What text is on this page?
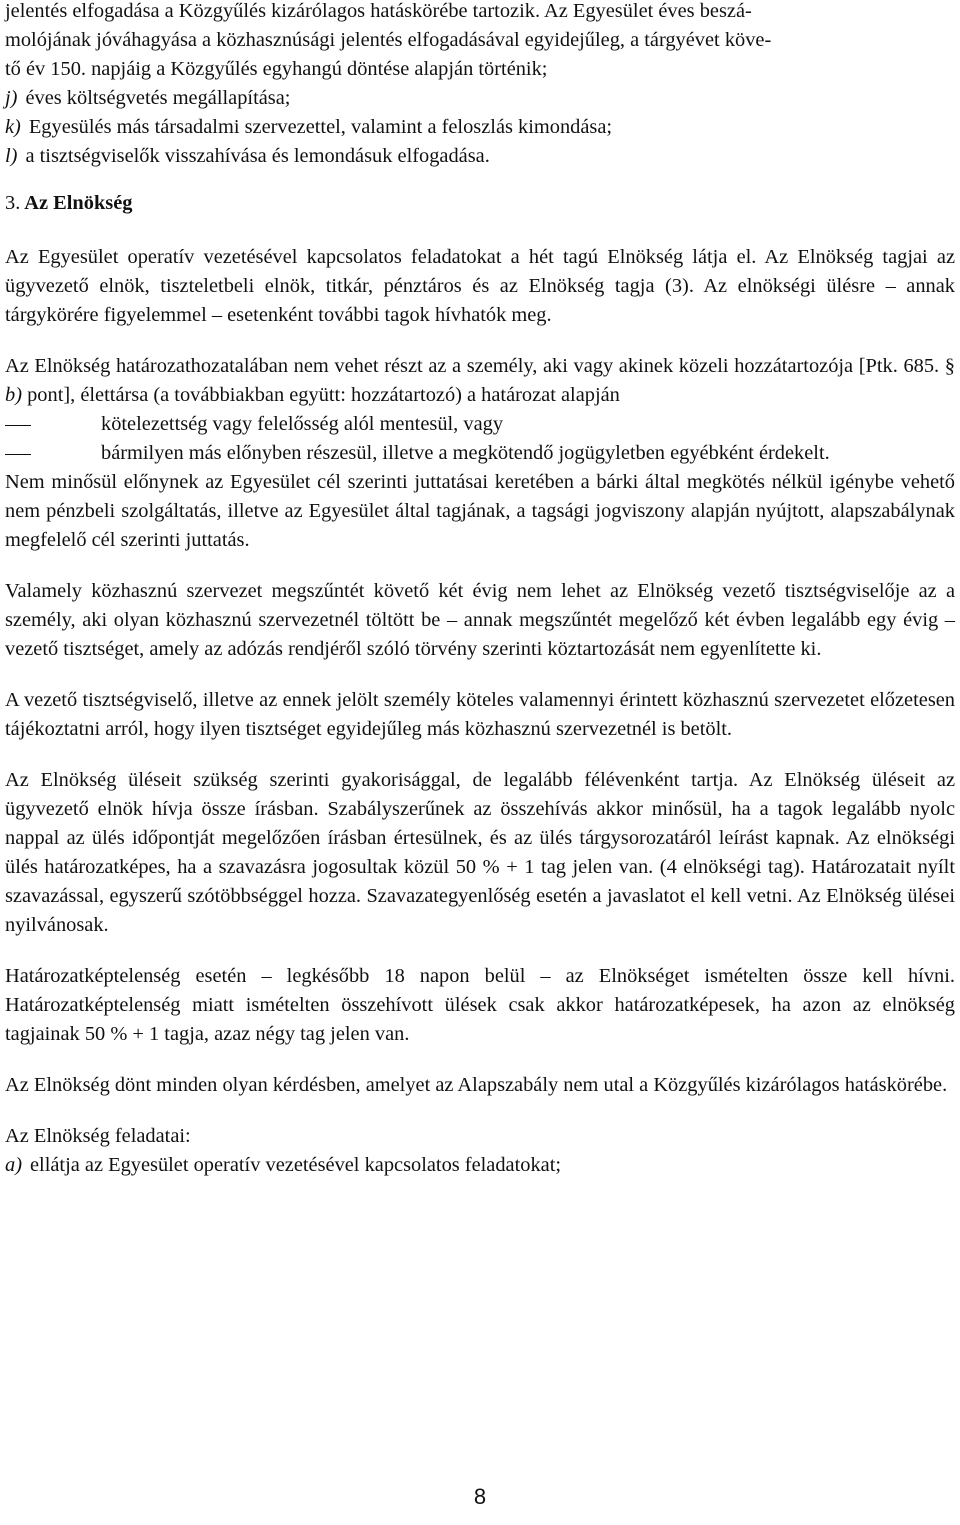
jelentés elfogadása a Közgyűlés kizárólagos hatáskörébe tartozik. Az Egyesület éves beszá-

molójának jóváhagyása a közhasznúsági jelentés elfogadásával egyidejűleg, a tárgyévet köve-

tő év 150. napjáig a Közgyűlés egyhangú döntése alapján történik;

j) éves költségvetés megállapítása;
k) Egyesülés más társadalmi szervezettel, valamint a feloszlás kimondása;
l) a tisztségviselők visszahívása és lemondásuk elfogadása.
3. Az Elnökség

Az Egyesület operatív vezetésével kapcsolatos feladatokat a hét tagú Elnökség látja el. Az Elnökség tagjai az ügyvezető elnök, tiszteletbeli elnök, titkár, pénztáros és az Elnökség tagja (3). Az elnökségi ülésre – annak tárgykörére figyelemmel – esetenként további tagok hívhatók meg.

Az Elnökség határozathozatalában nem vehet részt az a személy, aki vagy akinek közeli hozzátartozója [Ptk. 685. § b) pont], élettársa (a továbbiakban együtt: hozzátartozó) a határozat alapján

kötelezettség vagy felelősség alól mentesül, vagy
bármilyen más előnyben részesül, illetve a megkötendő jogügyletben egyébként érdekelt.

Nem minősül előnynek az Egyesület cél szerinti juttatásai keretében a bárki által megkötés nélkül igénybe vehető nem pénzbeli szolgáltatás, illetve az Egyesület által tagjának, a tagsági jogviszony alapján nyújtott, alapszabálynak megfelelő cél szerinti juttatás.

Valamely közhasznú szervezet megszűntét követő két évig nem lehet az Elnökség vezető tisztségviselője az a személy, aki olyan közhasznú szervezetnél töltött be – annak megszűntét megelőző két évben legalább egy évig – vezető tisztséget, amely az adózás rendjéről szóló törvény szerinti köztartozását nem egyenlítette ki.

A vezető tisztségviselő, illetve az ennek jelölt személy köteles valamennyi érintett közhasznú szervezetet előzetesen tájékoztatni arról, hogy ilyen tisztséget egyidejűleg más közhasznú szervezetnél is betölt.

Az Elnökség üléseit szükség szerinti gyakorisággal, de legalább félévenként tartja. Az Elnökség üléseit az ügyvezető elnök hívja össze írásban. Szabályszerűnek az összehívás akkor minősül, ha a tagok legalább nyolc nappal az ülés időpontját megelőzően írásban értesülnek, és az ülés tárgysorozatáról leírást kapnak. Az elnökségi ülés határozatképes, ha a szavazásra jogosultak közül 50 % + 1 tag jelen van. (4 elnökségi tag). Határozatait nyílt szavazással, egyszerű szótöbbséggel hozza. Szavazategyenlőség esetén a javaslatot el kell vetni. Az Elnökség ülései nyilvánosak.

Határozatképtelenség esetén – legkésőbb 18 napon belül – az Elnökséget ismételten össze kell hívni. Határozatképtelenség miatt ismételten összehívott ülések csak akkor határozatképesek, ha azon az elnökség tagjainak 50 % + 1 tagja, azaz négy tag jelen van.

Az Elnökség dönt minden olyan kérdésben, amelyet az Alapszabály nem utal a Közgyűlés kizárólagos hatáskörébe.

Az Elnökség feladatai:

a) ellátja az Egyesület operatív vezetésével kapcsolatos feladatokat;
8
